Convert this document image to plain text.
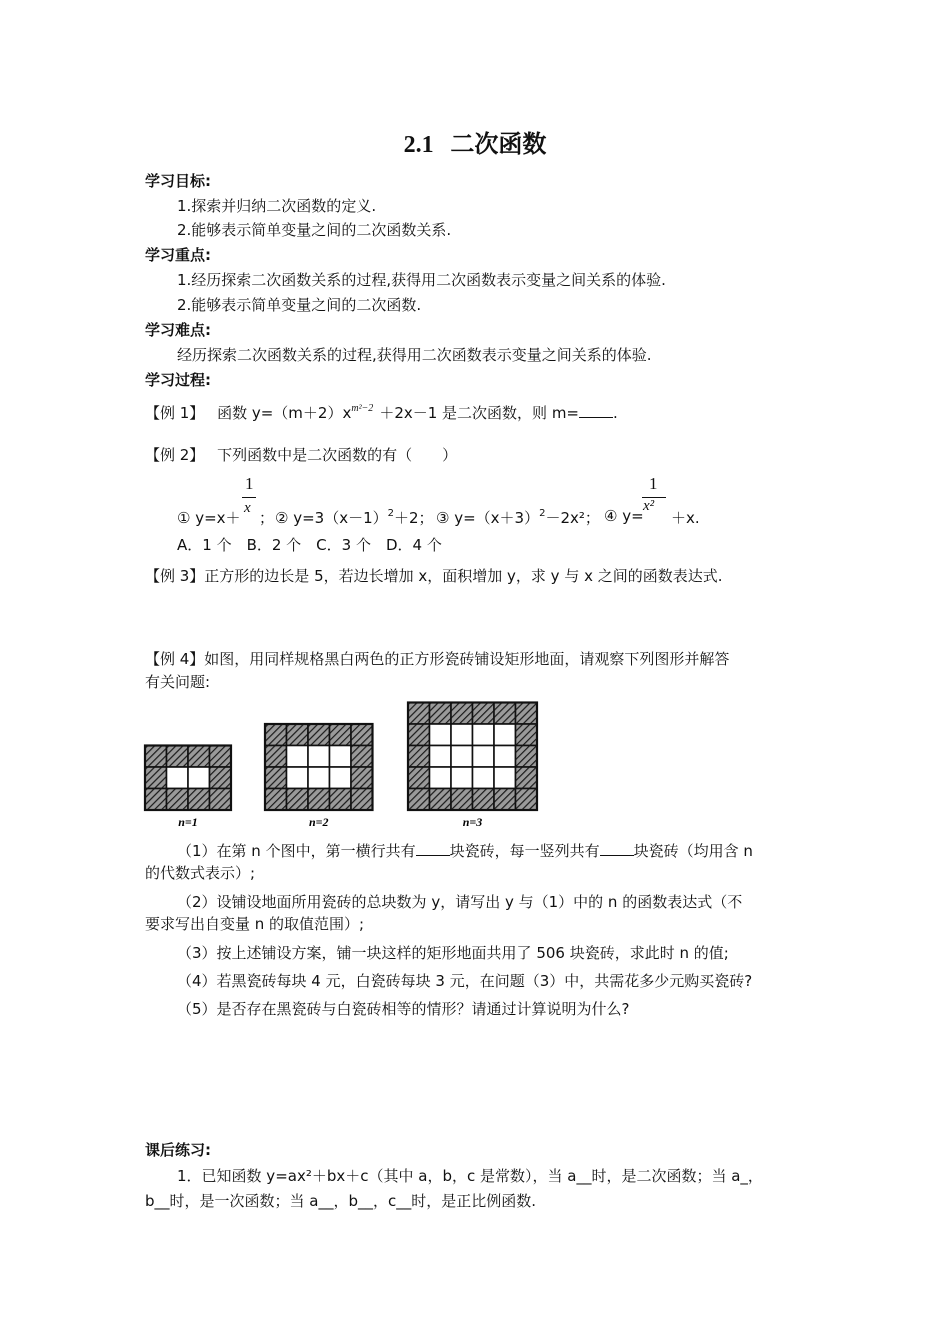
2.1 二次函数
学习目标:
1.探索并归纳二次函数的定义.
2.能够表示简单变量之间的二次函数关系.
学习重点:
1.经历探索二次函数关系的过程,获得用二次函数表示变量之间关系的体验.
2.能够表示简单变量之间的二次函数.
学习难点:
经历探索二次函数关系的过程,获得用二次函数表示变量之间关系的体验.
学习过程:
【例 1】 函数 $y=(m+2)x^{m^2-2} +2x-1$ 是二次函数，则 m= .
【例 2】 下列函数中是二次函数的有（　　）
1
x
1
x²
① y=x＋ ； ② $y=3(x-1)^2+2$； ③ $y=(x+3)^2-2x^2$； ④ y= ＋x.
A．1 个　B．2 个　C．3 个　D．4 个
【例 3】正方形的边长是 5，若边长增加 x，面积增加 y，求 y 与 x 之间的函数表达式.
【例 4】如图，用同样规格黑白两色的正方形瓷砖铺设矩形地面，请观察下列图形并解答
有关问题:
n=1	n=2	n=3
（1）在第 n 个图中，第一横行共有 块瓷砖，每一竖列共有 块瓷砖（均用含 n
的代数式表示）;
（2）设铺设地面所用瓷砖的总块数为 y，请写出 y 与（1）中的 n 的函数表达式（不
要求写出自变量 n 的取值范围）;
（3）按上述铺设方案，铺一块这样的矩形地面共用了 506 块瓷砖，求此时 n 的值;
（4）若黑瓷砖每块 4 元，白瓷砖每块 3 元，在问题（3）中，共需花多少元购买瓷砖?
（5）是否存在黑瓷砖与白瓷砖相等的情形？请通过计算说明为什么?
课后练习:
1．已知函数 y=ax²＋bx＋c（其中 a，b，c 是常数），当 a__时，是二次函数；当 a_，
b__时，是一次函数；当 a__，b__，c__时，是正比例函数.
